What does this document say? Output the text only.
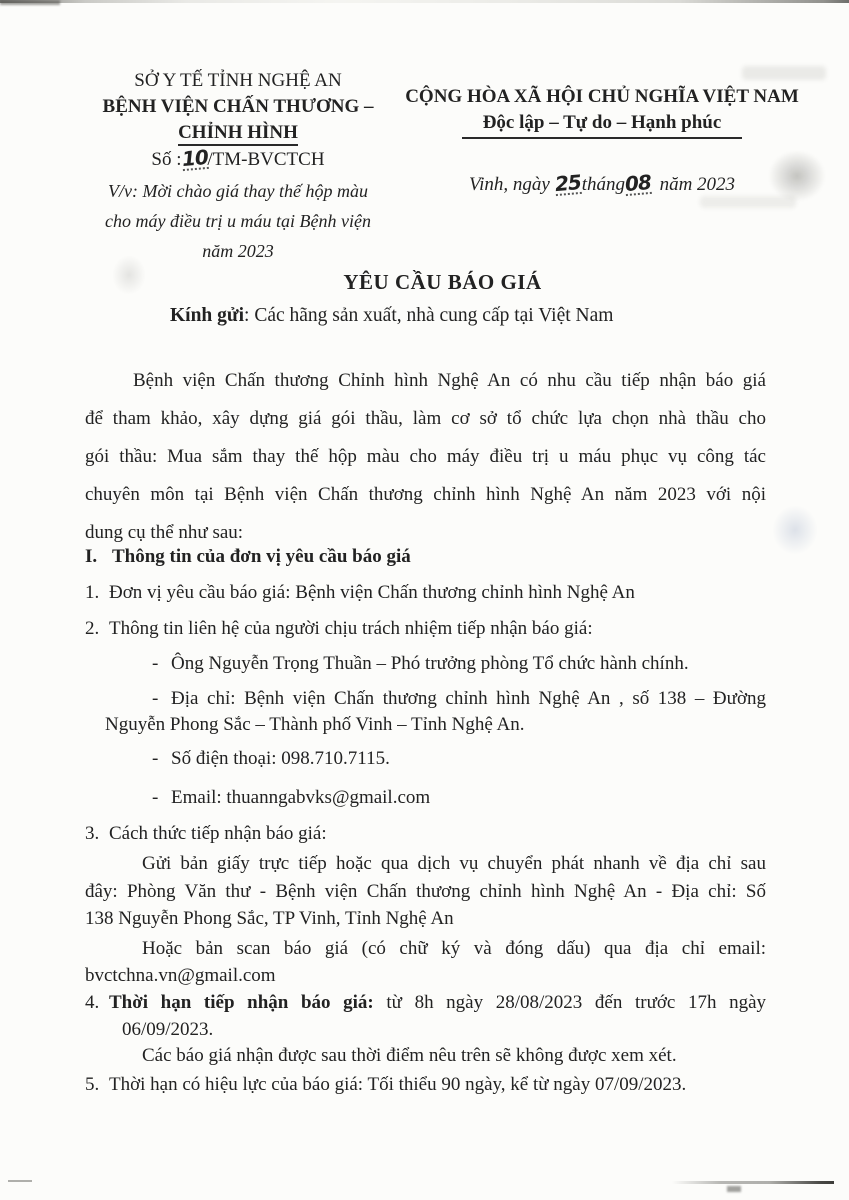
SỞ Y TẾ TỈNH NGHỆ AN
BỆNH VIỆN CHẤN THƯƠNG –
CHỈNH HÌNH
Số :10/TM-BVCTCH
V/v: Mời chào giá thay thế hộp màu
cho máy điều trị u máu tại Bệnh viện
năm 2023
CỘNG HÒA XÃ HỘI CHỦ NGHĨA VIỆT NAM
Độc lập – Tự do – Hạnh phúc
Vinh, ngày 25tháng08 năm 2023
YÊU CẦU BÁO GIÁ
Kính gửi: Các hãng sản xuất, nhà cung cấp tại Việt Nam
Bệnh viện Chấn thương Chỉnh hình Nghệ An có nhu cầu tiếp nhận báo giá
để tham khảo, xây dựng giá gói thầu, làm cơ sở tổ chức lựa chọn nhà thầu cho
gói thầu: Mua sắm thay thế hộp màu cho máy điều trị u máu phục vụ công tác
chuyên môn tại Bệnh viện Chấn thương chỉnh hình Nghệ An năm 2023 với nội
dung cụ thể như sau:
I. Thông tin của đơn vị yêu cầu báo giá
1. Đơn vị yêu cầu báo giá: Bệnh viện Chấn thương chỉnh hình Nghệ An
2. Thông tin liên hệ của người chịu trách nhiệm tiếp nhận báo giá:
- Ông Nguyễn Trọng Thuần – Phó trưởng phòng Tổ chức hành chính.
- Địa chỉ: Bệnh viện Chấn thương chỉnh hình Nghệ An , số 138 – Đường
Nguyễn Phong Sắc – Thành phố Vinh – Tỉnh Nghệ An.
- Số điện thoại: 098.710.7115.
- Email: thuanngabvks@gmail.com
3. Cách thức tiếp nhận báo giá:
Gửi bản giấy trực tiếp hoặc qua dịch vụ chuyển phát nhanh về địa chỉ sau
đây: Phòng Văn thư - Bệnh viện Chấn thương chỉnh hình Nghệ An - Địa chỉ: Số
138 Nguyễn Phong Sắc, TP Vinh, Tỉnh Nghệ An
Hoặc bản scan báo giá (có chữ ký và đóng dấu) qua địa chỉ email:
bvctchna.vn@gmail.com
4. Thời hạn tiếp nhận báo giá: từ 8h ngày 28/08/2023 đến trước 17h ngày
06/09/2023.
Các báo giá nhận được sau thời điểm nêu trên sẽ không được xem xét.
5. Thời hạn có hiệu lực của báo giá: Tối thiểu 90 ngày, kể từ ngày 07/09/2023.
